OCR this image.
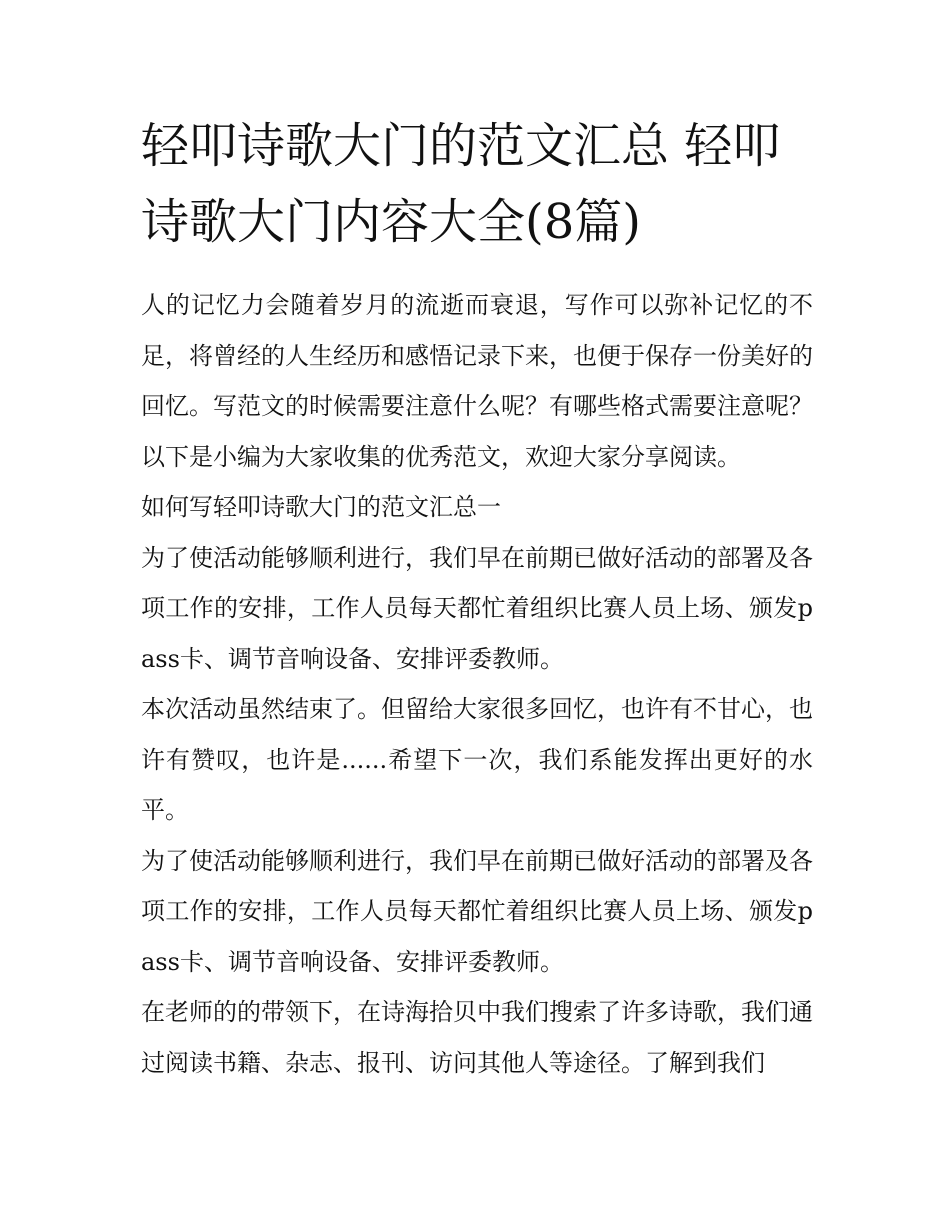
轻叩诗歌大门的范文汇总 轻叩诗歌大门内容大全(8篇)

人的记忆力会随着岁月的流逝而衰退，写作可以弥补记忆的不足，将曾经的人生经历和感悟记录下来，也便于保存一份美好的回忆。写范文的时候需要注意什么呢？有哪些格式需要注意呢？以下是小编为大家收集的优秀范文，欢迎大家分享阅读。

如何写轻叩诗歌大门的范文汇总一

为了使活动能够顺利进行，我们早在前期已做好活动的部署及各项工作的安排，工作人员每天都忙着组织比赛人员上场、颁发pass卡、调节音响设备、安排评委教师。

本次活动虽然结束了。但留给大家很多回忆，也许有不甘心，也许有赞叹，也许是......希望下一次，我们系能发挥出更好的水平。

为了使活动能够顺利进行，我们早在前期已做好活动的部署及各项工作的安排，工作人员每天都忙着组织比赛人员上场、颁发pass卡、调节音响设备、安排评委教师。

在老师的的带领下，在诗海拾贝中我们搜索了许多诗歌，我们通过阅读书籍、杂志、报刊、访问其他人等途径。了解到我们
